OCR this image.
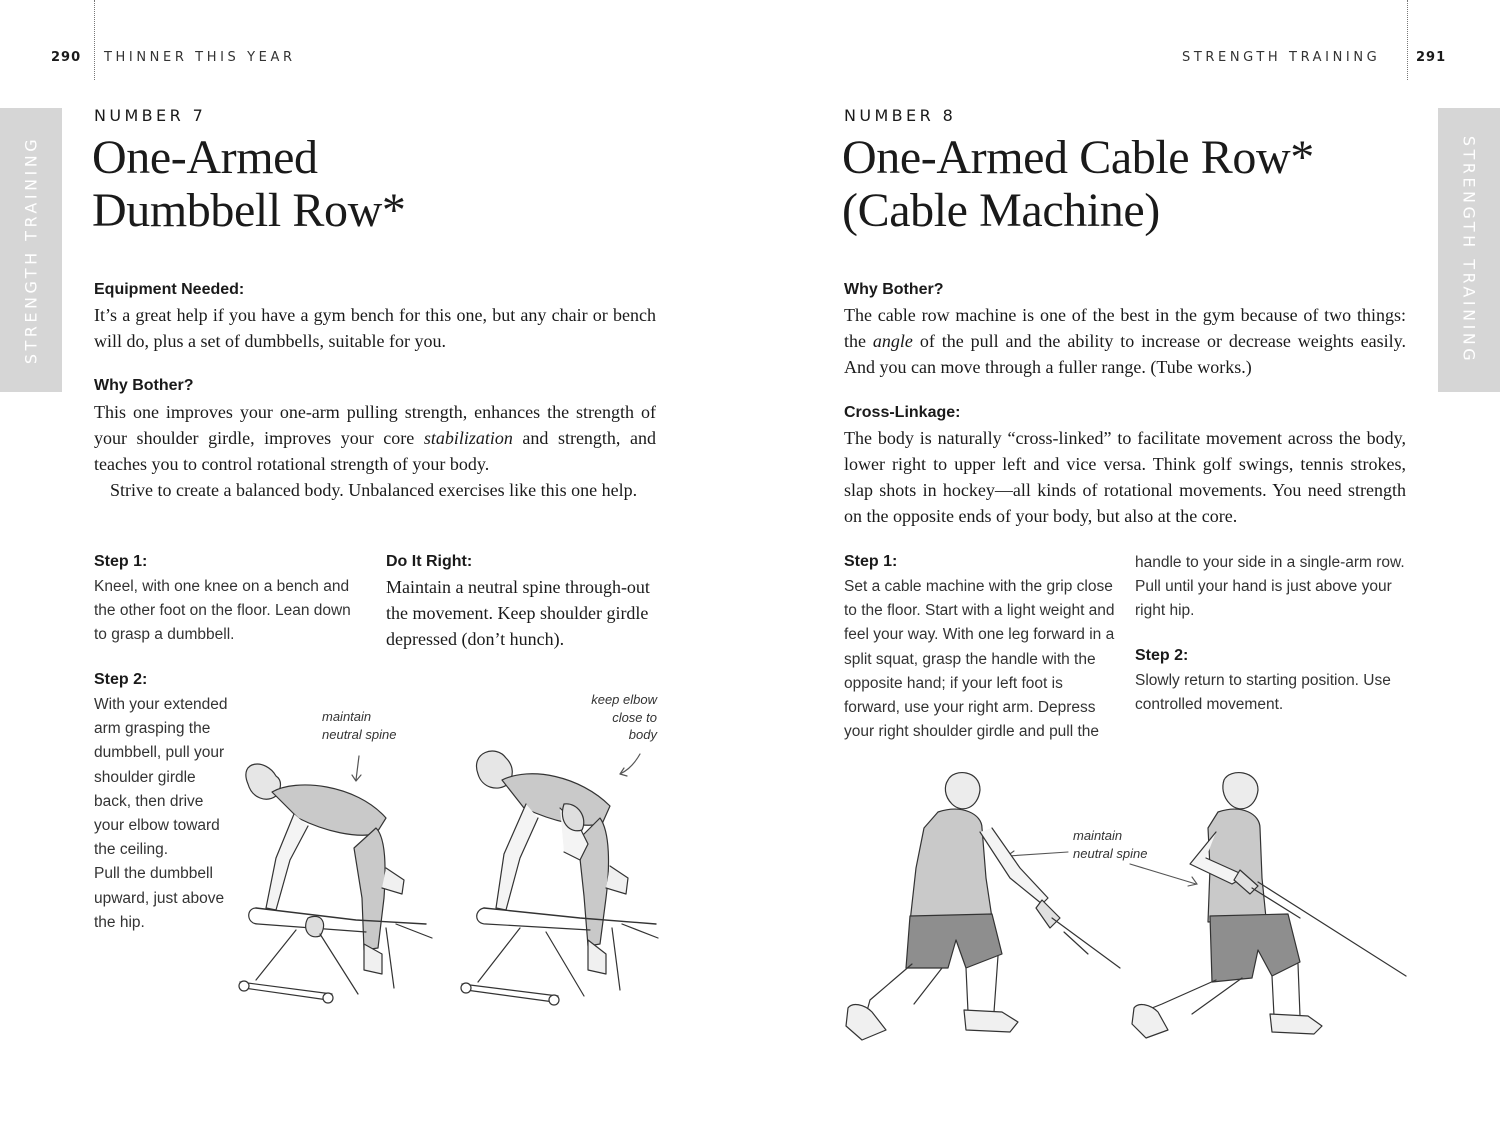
290 THINNER THIS YEAR
STRENGTH TRAINING
NUMBER 7
One-Armed
Dumbbell Row*
Equipment Needed:

It’s a great help if you have a gym bench for this one, but any chair or bench will do, plus a set of dumbbells, suitable for you.

Why Bother?

This one improves your one-arm pulling strength, enhances the strength of your shoulder girdle, improves your core stabilization and strength, and teaches you to control rotational strength of your body.

Strive to create a balanced body. Unbalanced exercises like this one help.

Step 1:

Kneel, with one knee on a bench and the other foot on the floor. Lean down to grasp a dumbbell.

Do It Right:

Maintain a neutral spine through-out the movement. Keep shoulder girdle depressed (don’t hunch).

Step 2:

With your extended arm grasping the dumbbell, pull your shoulder girdle back, then drive your elbow toward the ceiling.

Pull the dumbbell upward, just above the hip.

maintain
neutral spine
keep elbow
close to
body
STRENGTH TRAINING	291
STRENGTH TRAINING
NUMBER 8
One-Armed Cable Row*
(Cable Machine)
Why Bother?

The cable row machine is one of the best in the gym because of two things: the angle of the pull and the ability to increase or decrease weights easily. And you can move through a fuller range. (Tube works.)

Cross-Linkage:

The body is naturally “cross-linked” to facilitate movement across the body, lower right to upper left and vice versa. Think golf swings, tennis strokes, slap shots in hockey—all kinds of rotational movements. You need strength on the opposite ends of your body, but also at the core.

Step 1:

Set a cable machine with the grip close to the floor. Start with a light weight and feel your way. With one leg forward in a split squat, grasp the handle with the opposite hand; if your left foot is forward, use your right arm. Depress your right shoulder girdle and pull the

handle to your side in a single-arm row. Pull until your hand is just above your right hip.

Step 2:

Slowly return to starting position. Use controlled movement.

maintain
neutral spine
